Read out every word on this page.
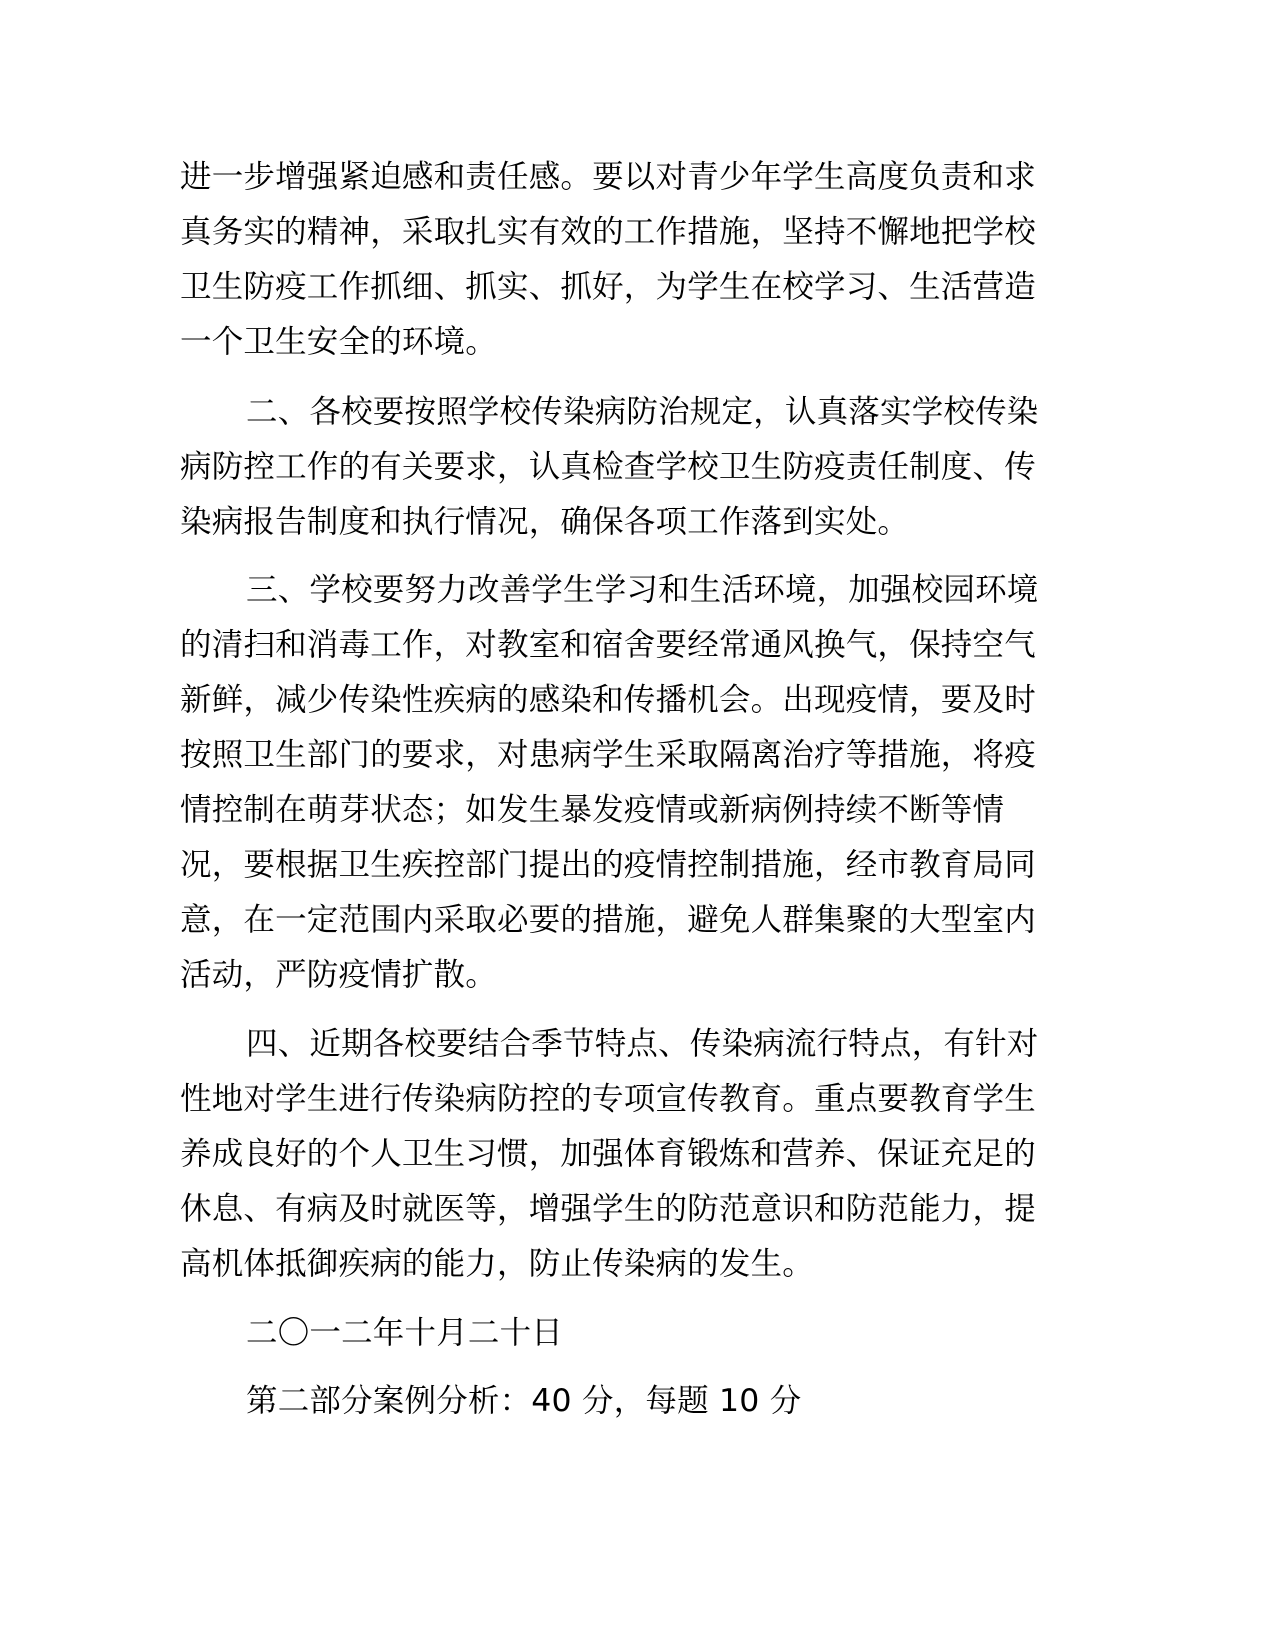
进一步增强紧迫感和责任感。要以对青少年学生高度负责和求
真务实的精神，采取扎实有效的工作措施，坚持不懈地把学校
卫生防疫工作抓细、抓实、抓好，为学生在校学习、生活营造
一个卫生安全的环境。
二、各校要按照学校传染病防治规定，认真落实学校传染
病防控工作的有关要求，认真检查学校卫生防疫责任制度、传
染病报告制度和执行情况，确保各项工作落到实处。
三、学校要努力改善学生学习和生活环境，加强校园环境
的清扫和消毒工作，对教室和宿舍要经常通风换气，保持空气
新鲜，减少传染性疾病的感染和传播机会。出现疫情，要及时
按照卫生部门的要求，对患病学生采取隔离治疗等措施，将疫
情控制在萌芽状态；如发生暴发疫情或新病例持续不断等情
况，要根据卫生疾控部门提出的疫情控制措施，经市教育局同
意，在一定范围内采取必要的措施，避免人群集聚的大型室内
活动，严防疫情扩散。
四、近期各校要结合季节特点、传染病流行特点，有针对
性地对学生进行传染病防控的专项宣传教育。重点要教育学生
养成良好的个人卫生习惯，加强体育锻炼和营养、保证充足的
休息、有病及时就医等，增强学生的防范意识和防范能力，提
高机体抵御疾病的能力，防止传染病的发生。
二〇一二年十月二十日
第二部分案例分析：40 分，每题 10 分
